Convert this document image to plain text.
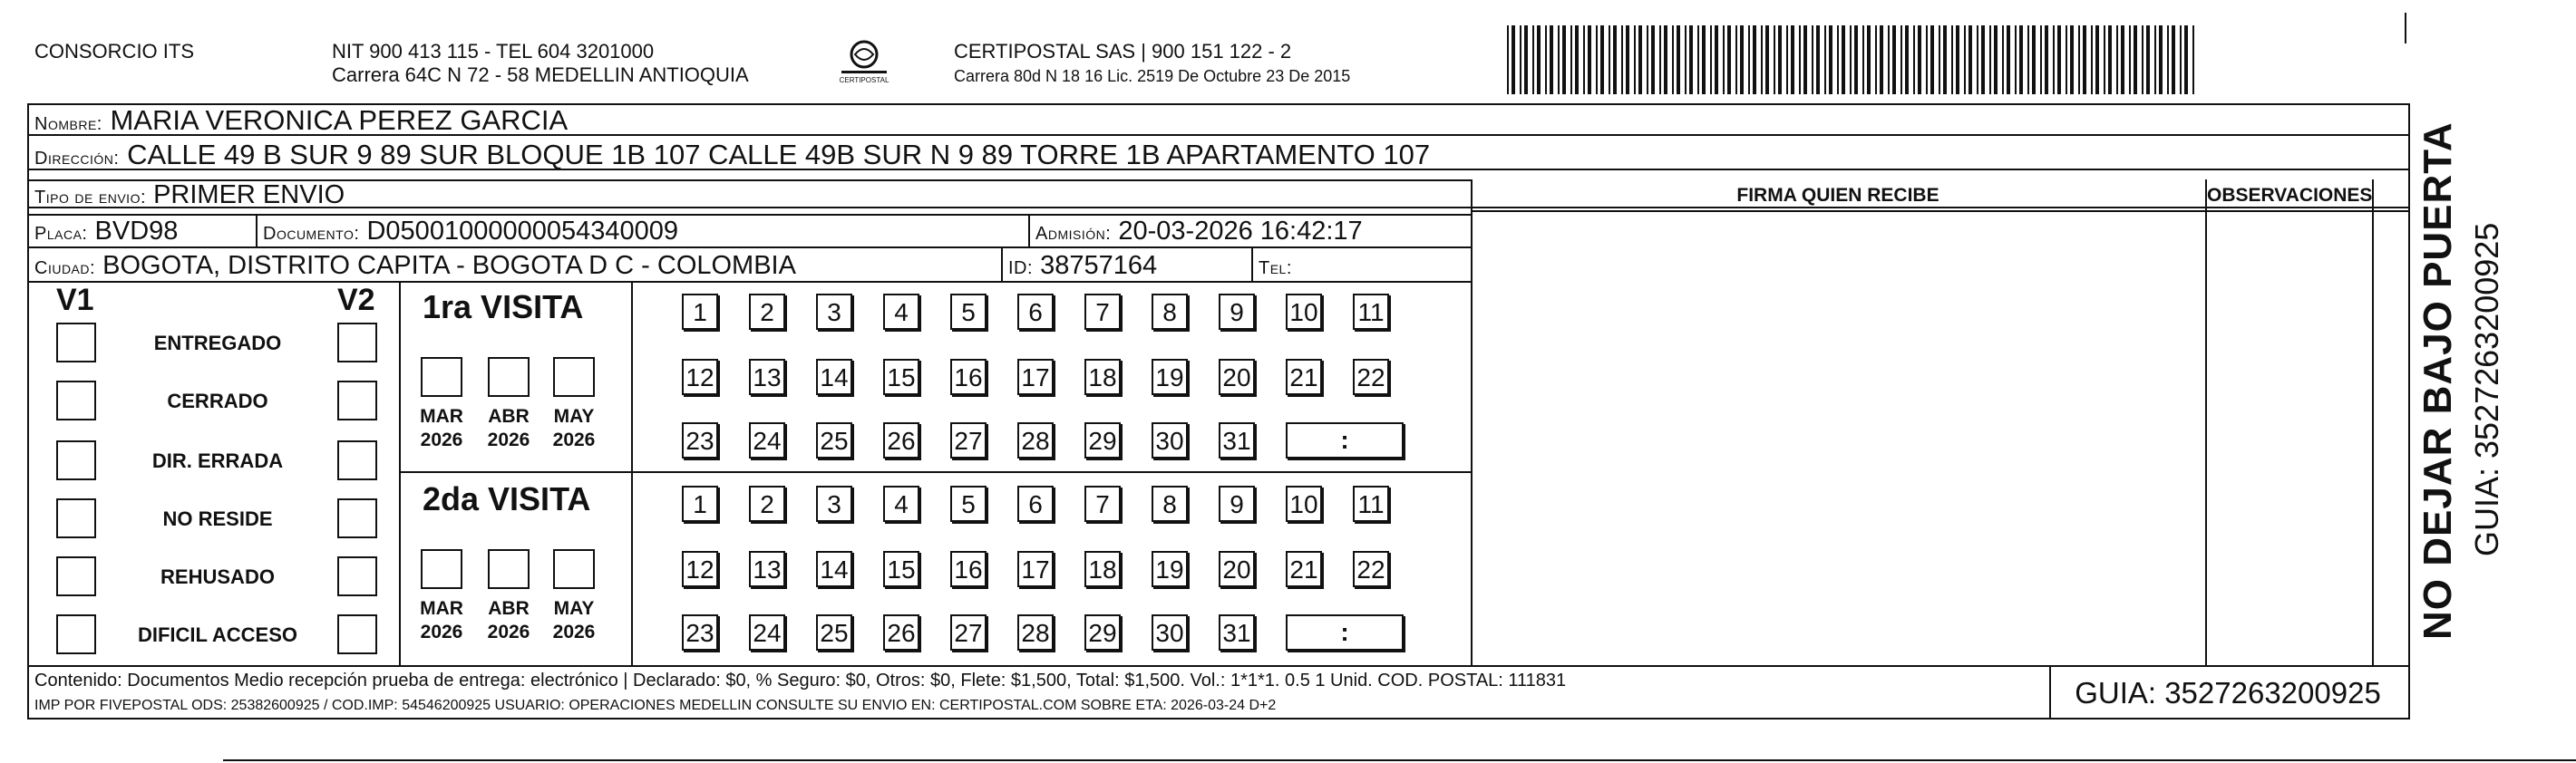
CONSORCIO ITS	NIT 900 413 115 - TEL 604 3201000
Carrera 64C N 72 - 58 MEDELLIN ANTIOQUIA	CERTIPOSTAL
CERTIPOSTAL SAS | 900 151 122 - 2
Carrera 80d N 18 16 Lic. 2519 De Octubre 23 De 2015
Nombre: MARIA VERONICA PEREZ GARCIA
Dirección: CALLE 49 B SUR 9 89 SUR BLOQUE 1B 107 CALLE 49B SUR N 9 89 TORRE 1B APARTAMENTO 107
Tipo de envio: PRIMER ENVIO
Placa: BVD98	Documento: D0500100000005434000​9	Admisión: 20-03-2026 16:42:17
Ciudad: BOGOTA, DISTRITO CAPITA - BOGOTA D C - COLOMBIA	ID: 38757164	Tel:
FIRMA QUIEN RECIBE	OBSERVACIONES
V1	V2
ENTREGADO
CERRADO
DIR. ERRADA
NO RESIDE
REHUSADO
DIFICIL ACCESO
1ra VISITA
2da VISITA
MAR
2026
ABR
2026
MAY
2026
1	2	3	4	5	6	7	8	9	10 11
12 13 14 15 16 17 18 19 20 21 22
23 24 25 26 27 28 29 30 31	:
MAR
2026
ABR
2026
MAY
2026
1	2	3	4	5	6	7	8	9	10 11
12 13 14 15 16 17 18 19 20 21 22
23 24 25 26 27 28 29 30 31	:
Contenido: Documentos Medio recepción prueba de entrega: electrónico | Declarado: $0, % Seguro: $0, Otros: $0, Flete: $1,500, Total: $1,500. Vol.: 1*1*1. 0.5 1 Unid. COD. POSTAL: 111831
IMP POR FIVEPOSTAL ODS: 25382600925 / COD.IMP: 54546200925 USUARIO: OPERACIONES MEDELLIN CONSULTE SU ENVIO EN: CERTIPOSTAL.COM SOBRE ETA: 2026-03-24 D+2	GUIA: 3527263200925
NO DEJAR BAJO PUERTA GUIA: 3527263200925
